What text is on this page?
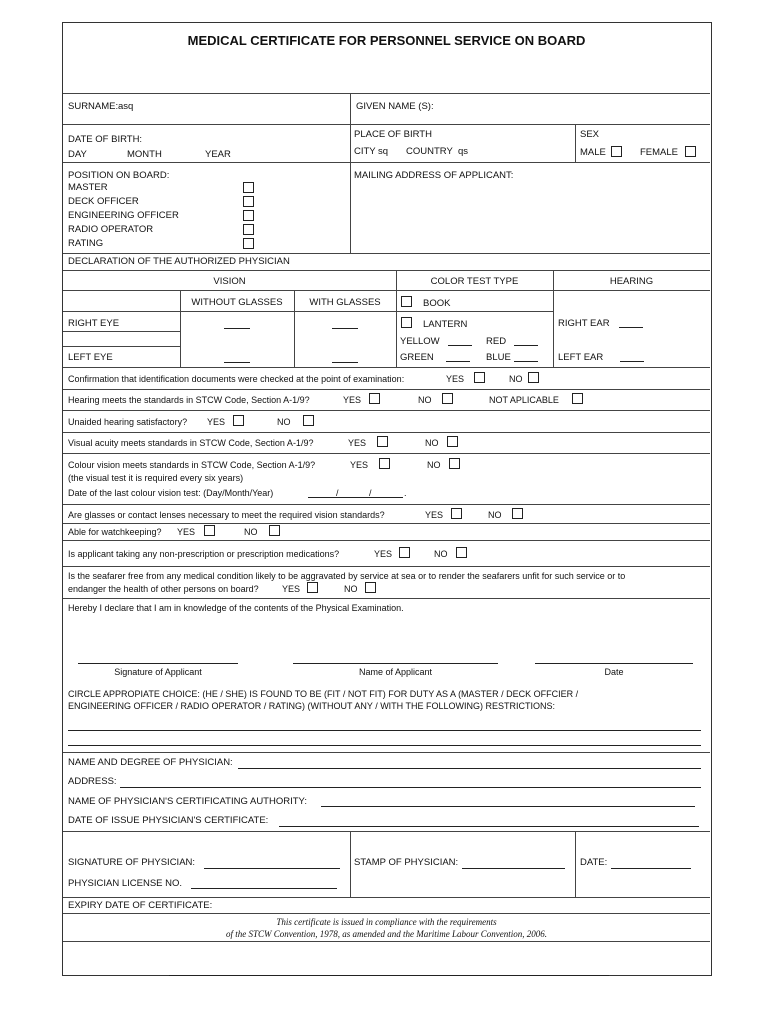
MEDICAL CERTIFICATE FOR PERSONNEL SERVICE ON BOARD
SURNAME: asq	GIVEN NAME (S):
DATE OF BIRTH:
DAY	MONTH	YEAR
PLACE OF BIRTH
CITY sq COUNTRY qs
SEX
MALE	FEMALE
POSITION ON BOARD:
MASTER
DECK OFFICER
ENGINEERING OFFICER
RADIO OPERATOR
RATING
MAILING ADDRESS OF APPLICANT:
DECLARATION OF THE AUTHORIZED PHYSICIAN
VISION	COLOR TEST TYPE	HEARING
WITHOUT GLASSES	WITH GLASSES
RIGHT EYE
LEFT EYE
BOOK
LANTERN
YELLOW	RED
GREEN	BLUE
RIGHT EAR
LEFT EAR
Confirmation that identification documents were checked at the point of examination:	YES	NO
Hearing meets the standards in STCW Code, Section A-1/9?	YES	NO	NOT APLICABLE
Unaided hearing satisfactory? YES	NO
Visual acuity meets standards in STCW Code, Section A-1/9?	YES	NO
Colour vision meets standards in STCW Code, Section A-1/9?	YES	NO
(the visual test it is required every six years)
Date of the last colour vision test: (Day/Month/Year)	/	/	.
Are glasses or contact lenses necessary to meet the required vision standards?	YES	NO
Able for watchkeeping? YES	NO
Is applicant taking any non-prescription or prescription medications?	YES	NO
Is the seafarer free from any medical condition likely to be aggravated by service at sea or to render the seafarers unfit for such service or to
endanger the health of other persons on board?	YES	NO
Hereby I declare that I am in knowledge of the contents of the Physical Examination.
Signature of Applicant	Name of Applicant	Date
CIRCLE APPROPIATE CHOICE: (HE / SHE) IS FOUND TO BE (FIT / NOT FIT) FOR DUTY AS A (MASTER / DECK OFFCIER /
ENGINEERING OFFICER / RADIO OPERATOR / RATING) (WITHOUT ANY / WITH THE FOLLOWING) RESTRICTIONS:
NAME AND DEGREE OF PHYSICIAN:
ADDRESS:
NAME OF PHYSICIAN'S CERTIFICATING AUTHORITY:
DATE OF ISSUE PHYSICIAN'S CERTIFICATE:
SIGNATURE OF PHYSICIAN:	STAMP OF PHYSICIAN:	DATE:
PHYSICIAN LICENSE NO.
EXPIRY DATE OF CERTIFICATE:
This certificate is issued in compliance with the requirements
of the STCW Convention, 1978, as amended and the Maritime Labour Convention, 2006.
